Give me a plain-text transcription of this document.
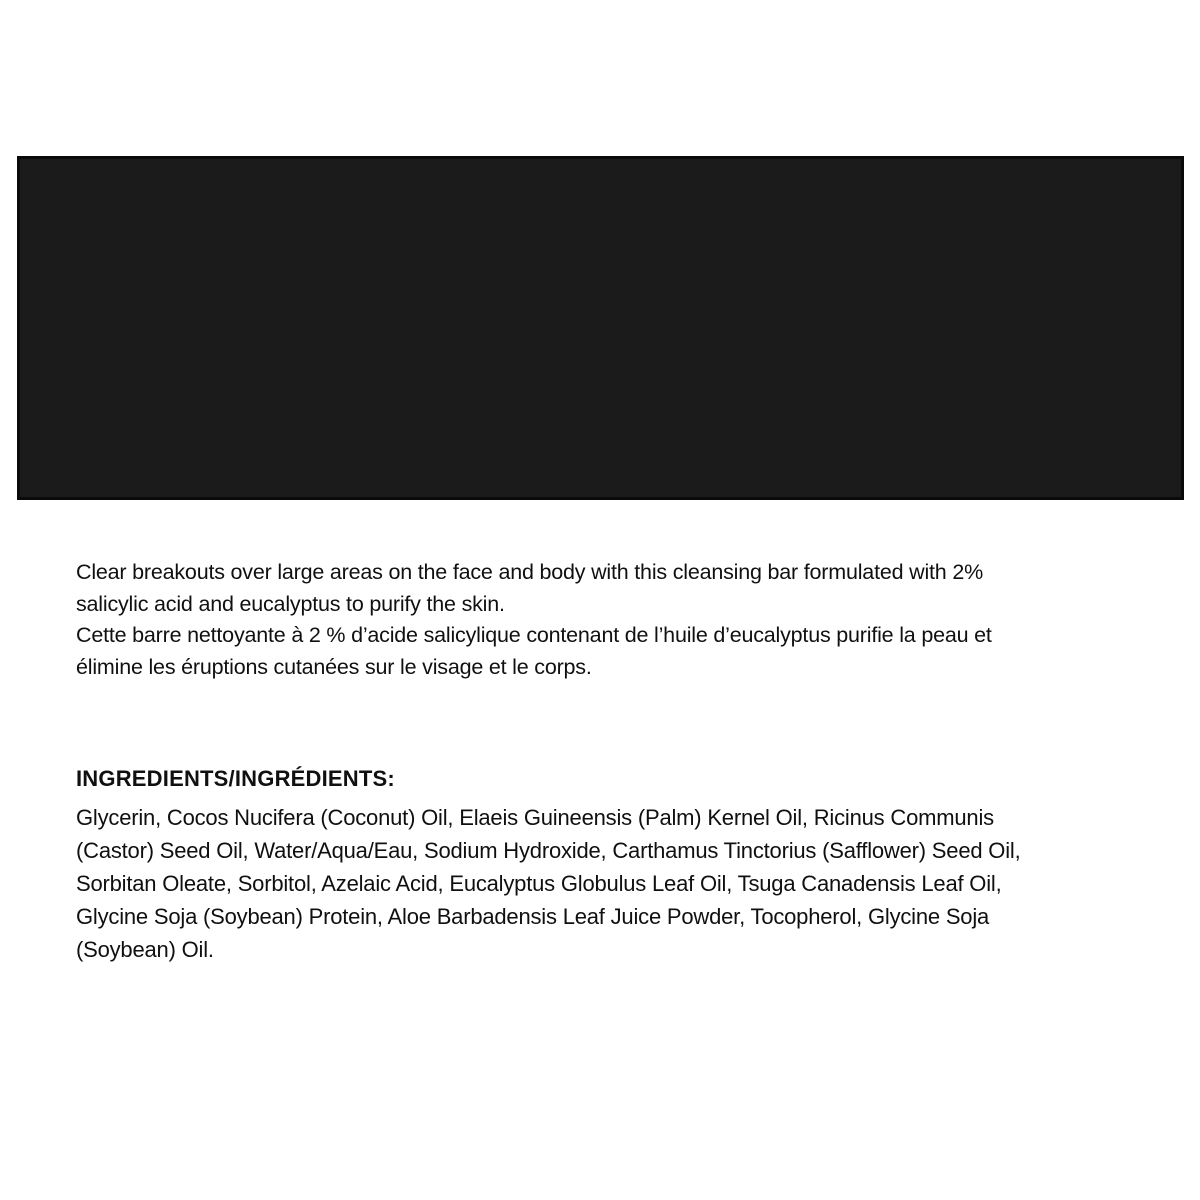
Clear breakouts over large areas on the face and body with this cleansing bar formulated with 2%
salicylic acid and eucalyptus to purify the skin.
Cette barre nettoyante à 2 % d’acide salicylique contenant de l’huile d’eucalyptus purifie la peau et
élimine les éruptions cutanées sur le visage et le corps.
INGREDIENTS/INGRÉDIENTS:
Glycerin, Cocos Nucifera (Coconut) Oil, Elaeis Guineensis (Palm) Kernel Oil, Ricinus Communis
(Castor) Seed Oil, Water/Aqua/Eau, Sodium Hydroxide, Carthamus Tinctorius (Safflower) Seed Oil,
Sorbitan Oleate, Sorbitol, Azelaic Acid, Eucalyptus Globulus Leaf Oil, Tsuga Canadensis Leaf Oil,
Glycine Soja (Soybean) Protein, Aloe Barbadensis Leaf Juice Powder, Tocopherol, Glycine Soja
(Soybean) Oil.
